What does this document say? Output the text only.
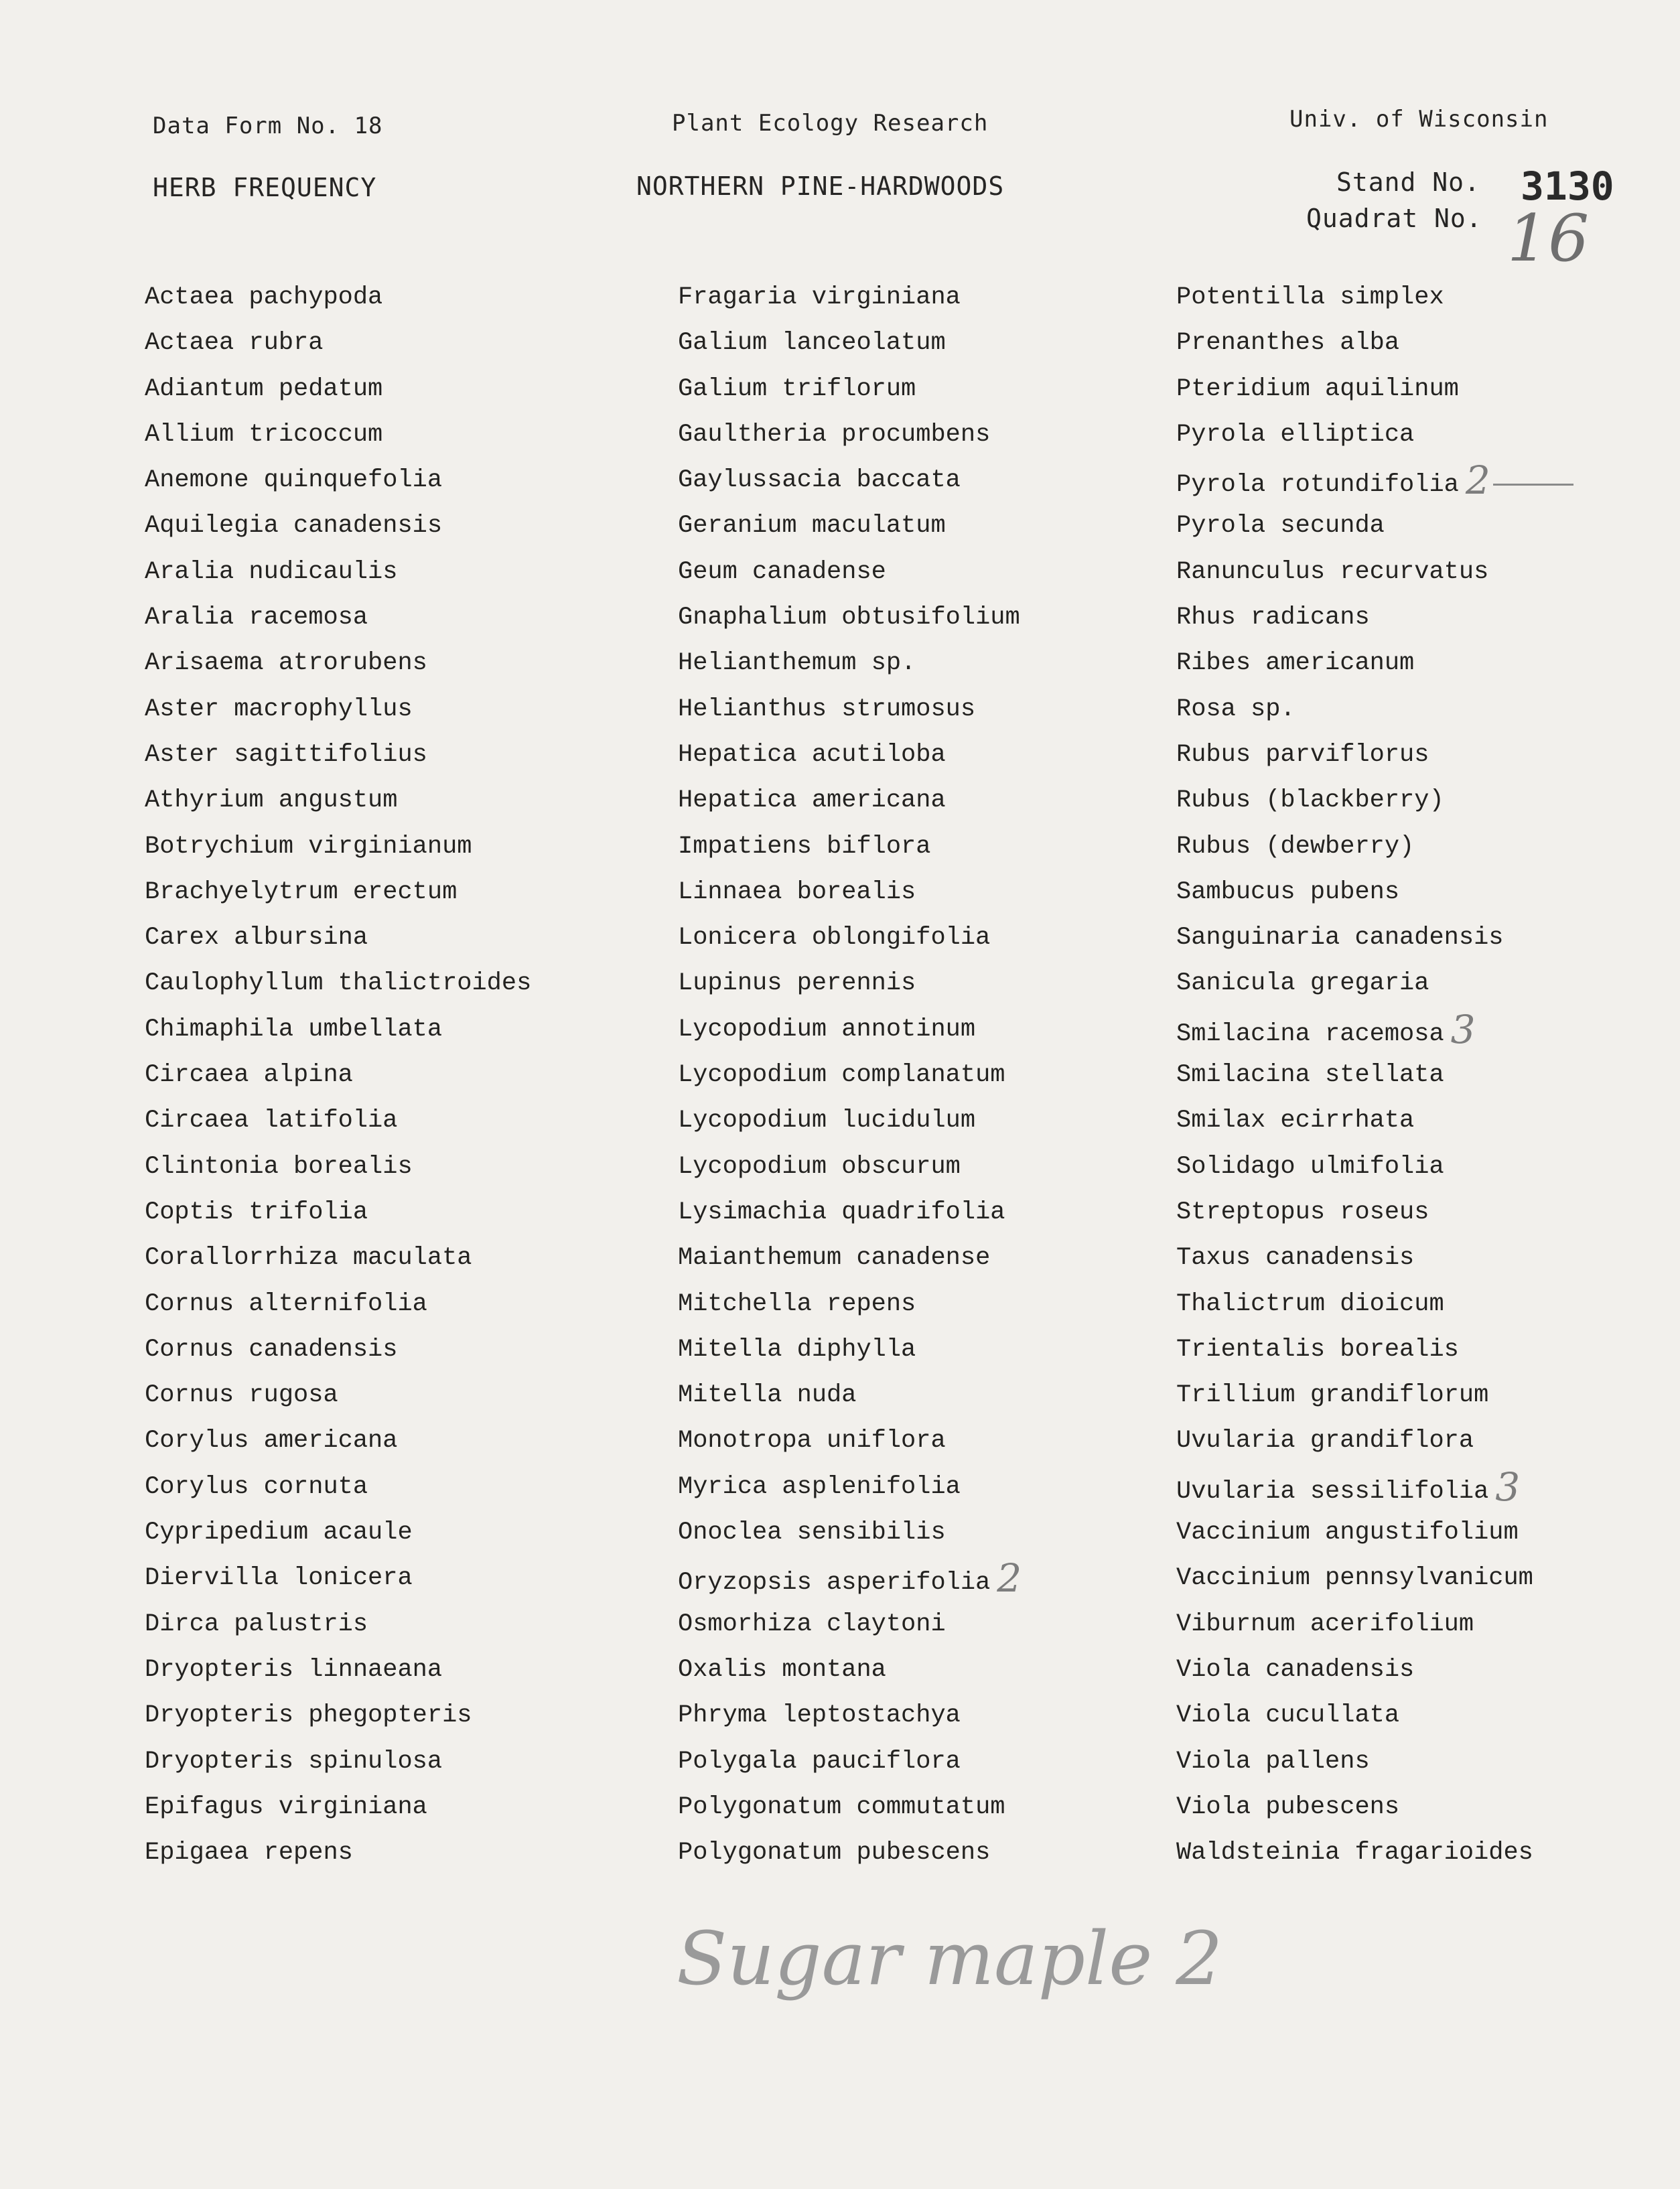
Data Form No. 18	Plant Ecology Research	Univ. of Wisconsin
HERB FREQUENCY	NORTHERN PINE-HARDWOODS	Stand No. 3130
Quadrat No. 16
Actaea pachypoda
Actaea rubra
Adiantum pedatum
Allium tricoccum
Anemone quinquefolia
Aquilegia canadensis
Aralia nudicaulis
Aralia racemosa
Arisaema atrorubens
Aster macrophyllus
Aster sagittifolius
Athyrium angustum
Botrychium virginianum
Brachyelytrum erectum
Carex albursina
Caulophyllum thalictroides
Chimaphila umbellata
Circaea alpina
Circaea latifolia
Clintonia borealis
Coptis trifolia
Corallorrhiza maculata
Cornus alternifolia
Cornus canadensis
Cornus rugosa
Corylus americana
Corylus cornuta
Cypripedium acaule
Diervilla lonicera
Dirca palustris
Dryopteris linnaeana
Dryopteris phegopteris
Dryopteris spinulosa
Epifagus virginiana
Epigaea repens
Fragaria virginiana
Galium lanceolatum
Galium triflorum
Gaultheria procumbens
Gaylussacia baccata
Geranium maculatum
Geum canadense
Gnaphalium obtusifolium
Helianthemum sp.
Helianthus strumosus
Hepatica acutiloba
Hepatica americana
Impatiens biflora
Linnaea borealis
Lonicera oblongifolia
Lupinus perennis
Lycopodium annotinum
Lycopodium complanatum
Lycopodium lucidulum
Lycopodium obscurum
Lysimachia quadrifolia
Maianthemum canadense
Mitchella repens
Mitella diphylla
Mitella nuda
Monotropa uniflora
Myrica asplenifolia
Onoclea sensibilis
Oryzopsis asperifolia 2
Osmorhiza claytoni
Oxalis montana
Phryma leptostachya
Polygala pauciflora
Polygonatum commutatum
Polygonatum pubescens
Potentilla simplex
Prenanthes alba
Pteridium aquilinum
Pyrola elliptica
Pyrola rotundifolia 2
Pyrola secunda
Ranunculus recurvatus
Rhus radicans
Ribes americanum
Rosa sp.
Rubus parviflorus
Rubus (blackberry)
Rubus (dewberry)
Sambucus pubens
Sanguinaria canadensis
Sanicula gregaria
Smilacina racemosa 3
Smilacina stellata
Smilax ecirrhata
Solidago ulmifolia
Streptopus roseus
Taxus canadensis
Thalictrum dioicum
Trientalis borealis
Trillium grandiflorum
Uvularia grandiflora
Uvularia sessilifolia 3
Vaccinium angustifolium
Vaccinium pennsylvanicum
Viburnum acerifolium
Viola canadensis
Viola cucullata
Viola pallens
Viola pubescens
Waldsteinia fragarioides
Sugar maple 2
